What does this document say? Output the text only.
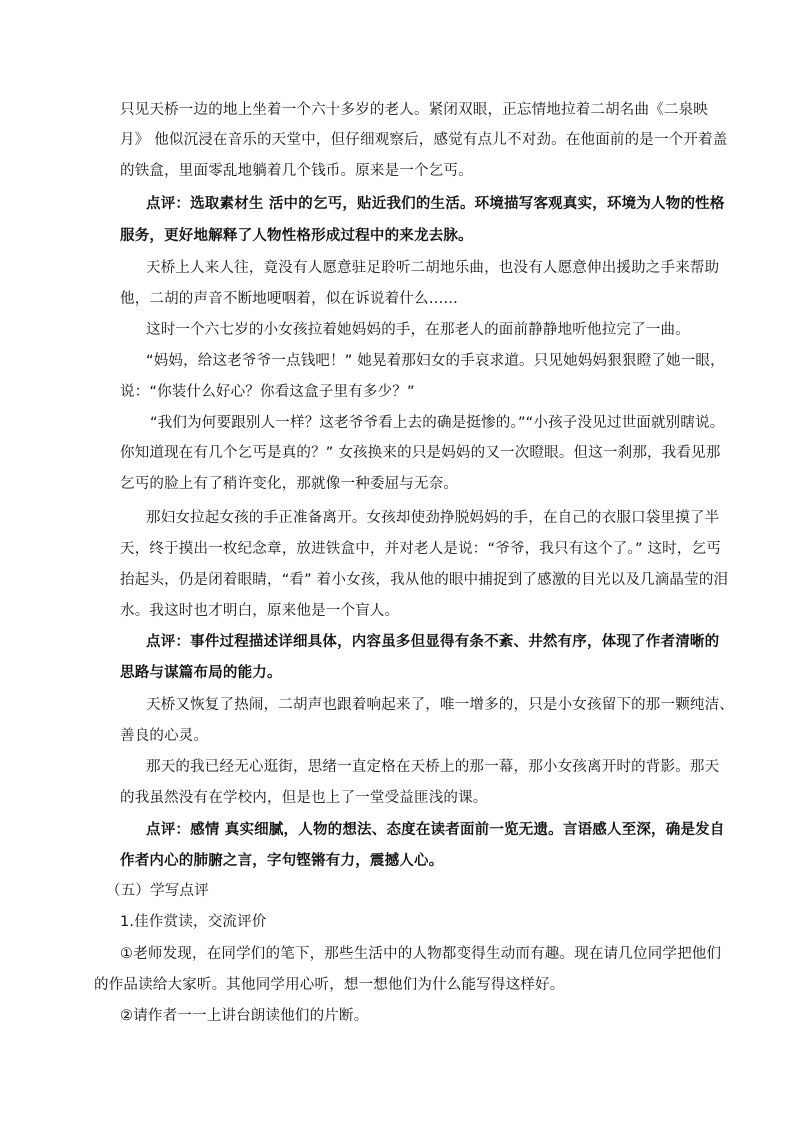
只见天桥一边的地上坐着一个六十多岁的老人。紧闭双眼，正忘情地拉着二胡名曲《二泉映
月》 他似沉浸在音乐的天堂中，但仔细观察后，感觉有点儿不对劲。在他面前的是一个开着盖
的铁盒，里面零乱地躺着几个钱币。原来是一个乞丐。
点评：选取素材生 活中的乞丐，贴近我们的生活。环境描写客观真实，环境为人物的性格
服务，更好地解释了人物性格形成过程中的来龙去脉。
天桥上人来人往，竟没有人愿意驻足聆听二胡地乐曲，也没有人愿意伸出援助之手来帮助
他，二胡的声音不断地哽咽着，似在诉说着什么……
这时一个六七岁的小女孩拉着她妈妈的手，在那老人的面前静静地听他拉完了一曲。
“妈妈，给这老爷爷一点钱吧！” 她晃着那妇女的手哀求道。只见她妈妈狠狠瞪了她一眼，
说：“你装什么好心？你看这盒子里有多少？”
“我们为何要跟别人一样？这老爷爷看上去的确是挺惨的。”“小孩子没见过世面就别瞎说。
你知道现在有几个乞丐是真的？” 女孩换来的只是妈妈的又一次瞪眼。但这一刹那，我看见那
乞丐的脸上有了稍许变化，那就像一种委屈与无奈。
那妇女拉起女孩的手正准备离开。女孩却使劲挣脱妈妈的手，在自己的衣服口袋里摸了半
天，终于摸出一枚纪念章，放进铁盒中，并对老人是说：“爷爷，我只有这个了。” 这时，乞丐
抬起头，仍是闭着眼睛，“看” 着小女孩，我从他的眼中捕捉到了感激的目光以及几滴晶莹的泪
水。我这时也才明白，原来他是一个盲人。
点评：事件过程描述详细具体，内容虽多但显得有条不紊、井然有序，体现了作者清晰的
思路与谋篇布局的能力。
天桥又恢复了热闹，二胡声也跟着响起来了，唯一增多的，只是小女孩留下的那一颗纯洁、
善良的心灵。
那天的我已经无心逛街，思绪一直定格在天桥上的那一幕，那小女孩离开时的背影。那天
的我虽然没有在学校内，但是也上了一堂受益匪浅的课。
点评：感情 真实细腻，人物的想法、态度在读者面前一览无遗。言语感人至深，确是发自
作者内心的肺腑之言，字句铿锵有力，震撼人心。
（五）学写点评
1.佳作赏读，交流评价
①老师发现，在同学们的笔下，那些生活中的人物都变得生动而有趣。现在请几位同学把他们
的作品读给大家听。其他同学用心听，想一想他们为什么能写得这样好。
②请作者一一上讲台朗读他们的片断。
